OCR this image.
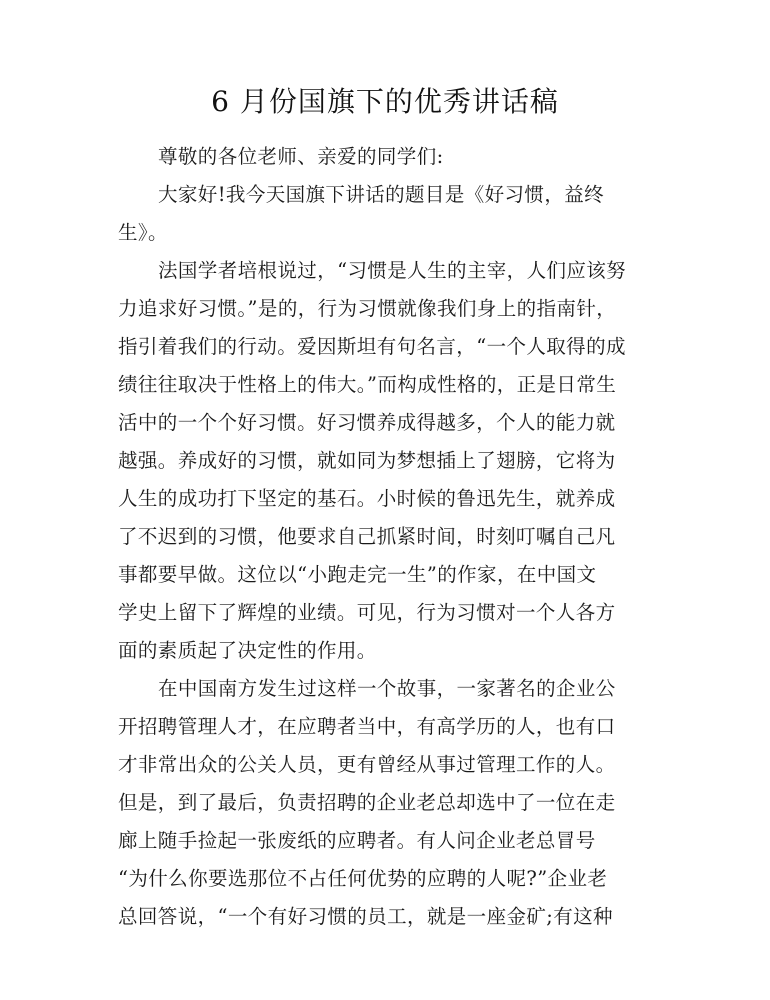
6 月份国旗下的优秀讲话稿
尊敬的各位老师、亲爱的同学们:
大家好!我今天国旗下讲话的题目是《好习惯，益终
生》。
法国学者培根说过，“习惯是人生的主宰，人们应该努
力追求好习惯。”是的，行为习惯就像我们身上的指南针，
指引着我们的行动。爱因斯坦有句名言，“一个人取得的成
绩往往取决于性格上的伟大。”而构成性格的，正是日常生
活中的一个个好习惯。好习惯养成得越多，个人的能力就
越强。养成好的习惯，就如同为梦想插上了翅膀，它将为
人生的成功打下坚定的基石。小时候的鲁迅先生，就养成
了不迟到的习惯，他要求自己抓紧时间，时刻叮嘱自己凡
事都要早做。这位以“小跑走完一生”的作家，在中国文
学史上留下了辉煌的业绩。可见，行为习惯对一个人各方
面的素质起了决定性的作用。
在中国南方发生过这样一个故事，一家著名的企业公
开招聘管理人才，在应聘者当中，有高学历的人，也有口
才非常出众的公关人员，更有曾经从事过管理工作的人。
但是，到了最后，负责招聘的企业老总却选中了一位在走
廊上随手捡起一张废纸的应聘者。有人问企业老总冒号
“为什么你要选那位不占任何优势的应聘的人呢?”企业老
总回答说，“一个有好习惯的员工，就是一座金矿;有这种
